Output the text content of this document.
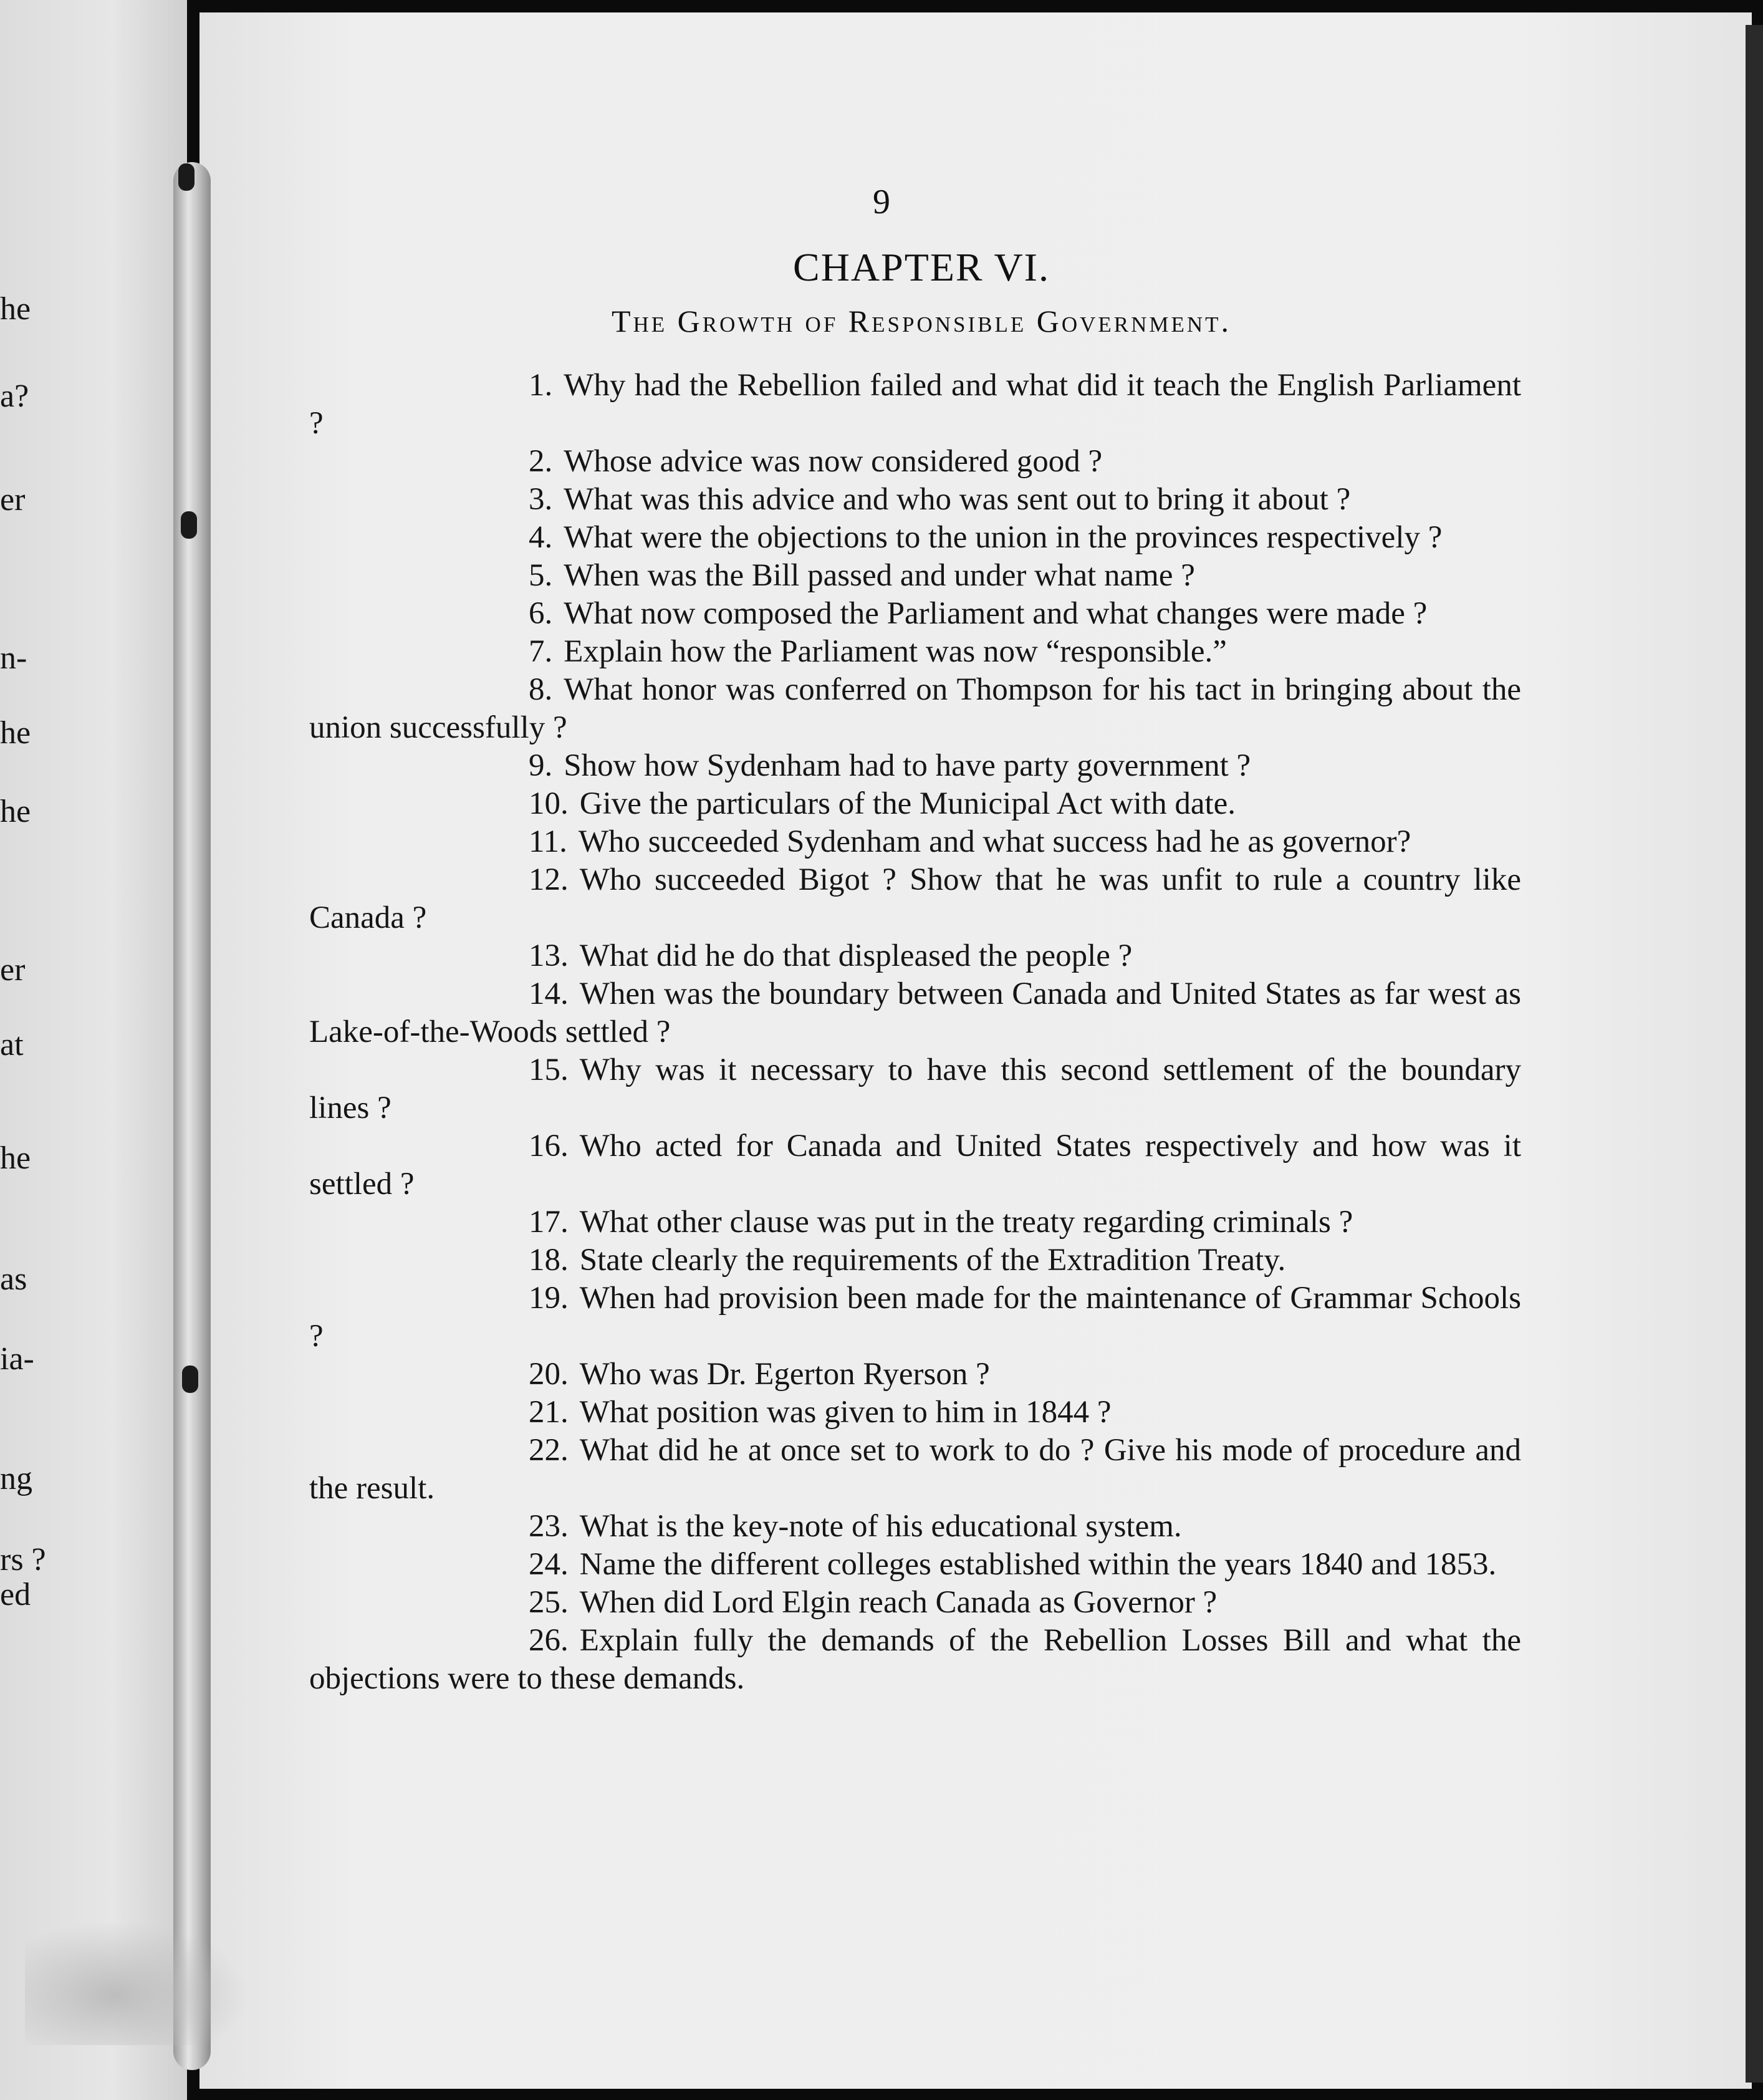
he
a?
er
n-
he
he
er
at
he
as
ia-
ng
rs ?
ed
9
CHAPTER VI.
The Growth of Responsible Government.

1. Why had the Rebellion failed and what did it teach the English Parliament ?

2. Whose advice was now considered good ?

3. What was this advice and who was sent out to bring it about ?

4. What were the objections to the union in the provinces respectively ?

5. When was the Bill passed and under what name ?

6. What now composed the Parliament and what changes were made ?

7. Explain how the Parliament was now “responsible.”

8. What honor was conferred on Thompson for his tact in bringing about the union successfully ?

9. Show how Sydenham had to have party government ?

10. Give the particulars of the Municipal Act with date.

11. Who succeeded Sydenham and what success had he as governor?

12. Who succeeded Bigot ? Show that he was unfit to rule a country like Canada ?

13. What did he do that displeased the people ?

14. When was the boundary between Canada and United States as far west as Lake-of-the-Woods settled ?

15. Why was it necessary to have this second settlement of the boundary lines ?

16. Who acted for Canada and United States respectively and how was it settled ?

17. What other clause was put in the treaty regarding criminals ?

18. State clearly the requirements of the Extradition Treaty.

19. When had provision been made for the maintenance of Grammar Schools ?

20. Who was Dr. Egerton Ryerson ?

21. What position was given to him in 1844 ?

22. What did he at once set to work to do ? Give his mode of procedure and the result.

23. What is the key-note of his educational system.

24. Name the different colleges established within the years 1840 and 1853.

25. When did Lord Elgin reach Canada as Governor ?

26. Explain fully the demands of the Rebellion Losses Bill and what the objections were to these demands.
